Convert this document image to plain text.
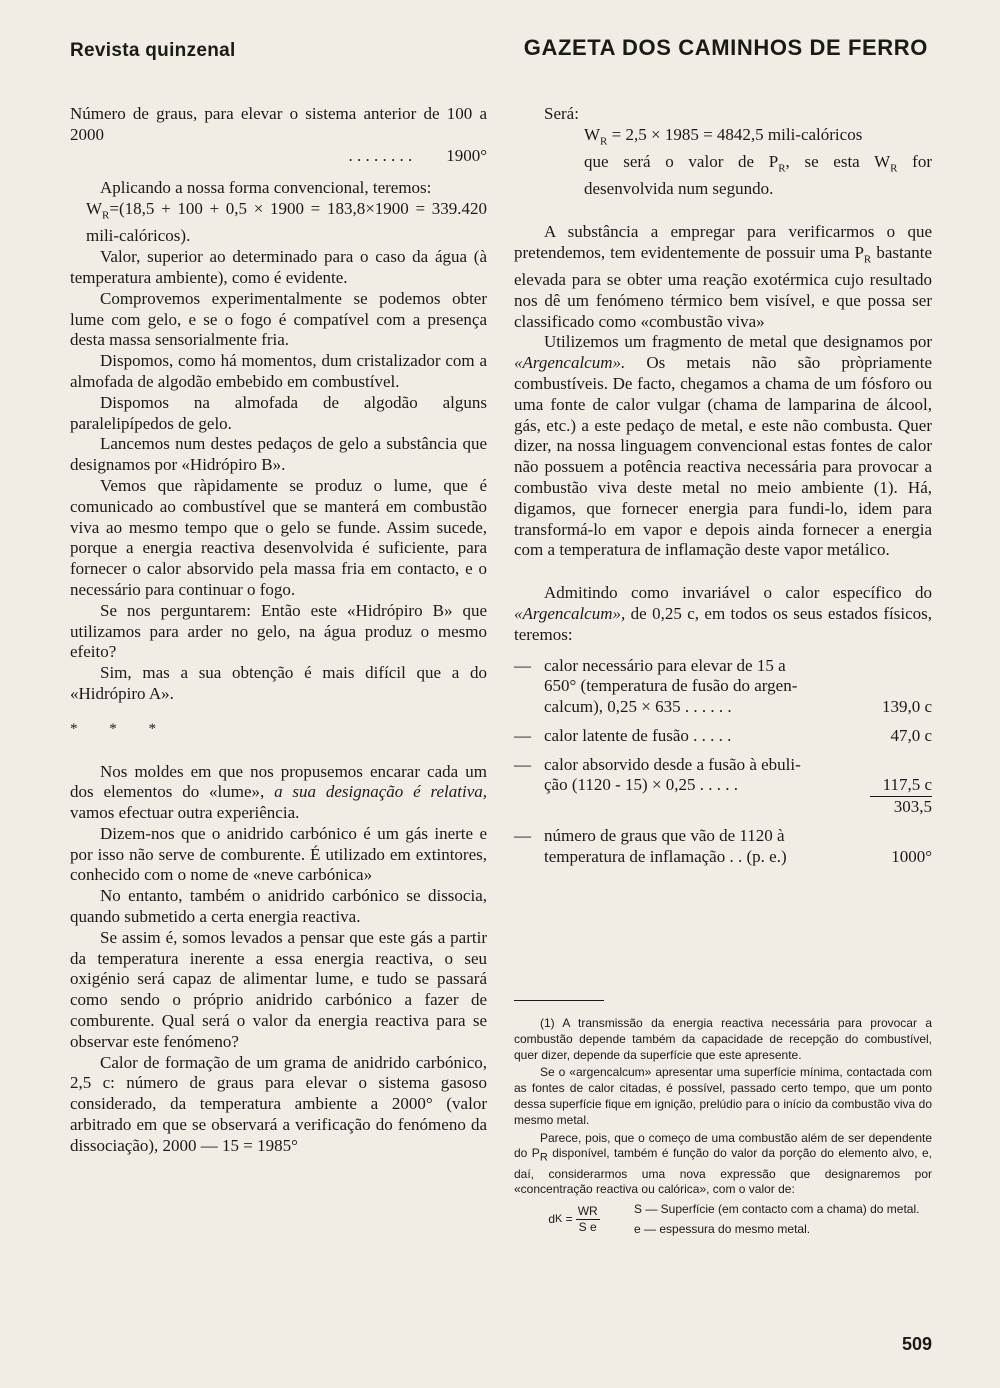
Revista quinzenal	GAZETA DOS CAMINHOS DE FERRO

Número de graus, para elevar o sistema anterior de 100 a 2000
. . . . . . . .
1900°

Aplicando a nossa forma convencional, teremos:

$W_R=(18,5 + 100 + 0,5 \times 1900 = 183,8\times 1900 = 339.420$ mili-calóricos).

Valor, superior ao determinado para o caso da água (à temperatura ambiente), como é evidente.

Comprovemos experimentalmente se podemos obter lume com gelo, e se o fogo é compatível com a presença desta massa sensorialmente fria.

Dispomos, como há momentos, dum cristalizador com a almofada de algodão embebido em combustível.

Dispomos na almofada de algodão alguns paralelipípedos de gelo.

Lancemos num destes pedaços de gelo a substância que designamos por «Hidrópiro B».

Vemos que ràpidamente se produz o lume, que é comunicado ao combustível que se manterá em combustão viva ao mesmo tempo que o gelo se funde. Assim sucede, porque a energia reactiva desenvolvida é suficiente, para fornecer o calor absorvido pela massa fria em contacto, e o necessário para continuar o fogo.

Se nos perguntarem: Então este «Hidrópiro B» que utilizamos para arder no gelo, na água produz o mesmo efeito?

Sim, mas a sua obtenção é mais difícil que a do «Hidrópiro A».

* * *

Nos moldes em que nos propusemos encarar cada um dos elementos do «lume», a sua designação é relativa, vamos efectuar outra experiência.

Dizem-nos que o anidrido carbónico é um gás inerte e por isso não serve de comburente. É utilizado em extintores, conhecido com o nome de «neve carbónica»

No entanto, também o anidrido carbónico se dissocia, quando submetido a certa energia reactiva.

Se assim é, somos levados a pensar que este gás a partir da temperatura inerente a essa energia reactiva, o seu oxigénio será capaz de alimentar lume, e tudo se passará como sendo o próprio anidrido carbónico a fazer de comburente. Qual será o valor da energia reactiva para se observar este fenómeno?

Calor de formação de um grama de anidrido carbónico, 2,5 c: número de graus para elevar o sistema gasoso considerado, da temperatura ambiente a 2000° (valor arbitrado em que se observará a verificação do fenómeno da dissociação), 2000 — 15 = 1985°

Será:

$W_R = 2,5 \times 1985 = 4842,5$ mili-calóricos

que será o valor de $P_R$, se esta $W_R$ for desenvolvida num segundo.

A substância a empregar para verificarmos o que pretendemos, tem evidentemente de possuir uma $P_R$ bastante elevada para se obter uma reação exotérmica cujo resultado nos dê um fenómeno térmico bem visível, e que possa ser classificado como «combustão viva»

Utilizemos um fragmento de metal que designamos por «Argencalcum». Os metais não são pròpriamente combustíveis. De facto, chegamos a chama de um fósforo ou uma fonte de calor vulgar (chama de lamparina de álcool, gás, etc.) a este pedaço de metal, e este não combusta. Quer dizer, na nossa linguagem convencional estas fontes de calor não possuem a potência reactiva necessária para provocar a combustão viva deste metal no meio ambiente (1). Há, digamos, que fornecer energia para fundi-lo, idem para transformá-lo em vapor e depois ainda fornecer a energia com a temperatura de inflamação deste vapor metálico.

Admitindo como invariável o calor específico do «Argencalcum», de 0,25 c, em todos os seus estados físicos, teremos:

— calor necessário para elevar de 15 a
650° (temperatura de fusão do argen-
calcum), 0,25 × 635 . . . . . .	139,0 c
— calor latente de fusão . . . . .	47,0 c
— calor absorvido desde a fusão à ebuli-
ção (1120 - 15) × 0,25 . . . . .	117,5 c
303,5
— número de graus que vão de 1120 à
temperatura de inflamação . . (p. e.)	1000°

(1) A transmissão da energia reactiva necessária para provocar a combustão depende também da capacidade de recepção do combustível, quer dizer, depende da superfície que este apresente.

Se o «argencalcum» apresentar uma superfície mínima, contactada com as fontes de calor citadas, é possível, passado certo tempo, que um ponto dessa superfície fique em ignição, prelúdio para o início da combustão viva do mesmo metal.

Parece, pois, que o começo de uma combustão além de ser dependente do $P_R$ disponível, também é função do valor da porção do elemento alvo, e, daí, considerarmos uma nova expressão que designaremos por «concentração reactiva ou calórica», com o valor de:

d $K = \frac{WR}{\text{S e}}$	S — Superfície (em contacto com a chama) do metal.
e — espessura do mesmo metal.
509
